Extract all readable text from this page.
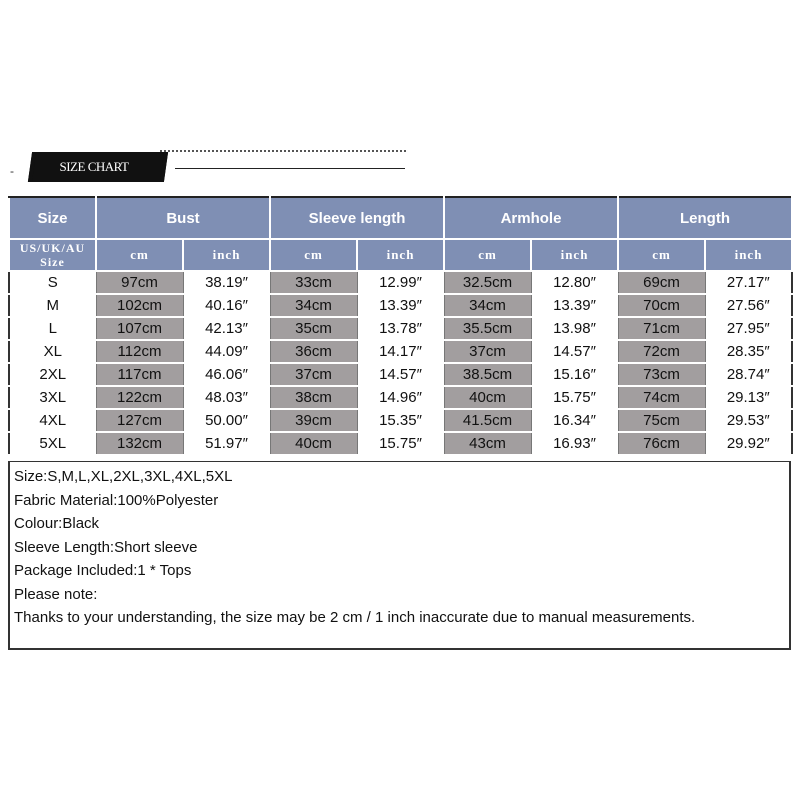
-	SIZE CHART
Size	Bust		Sleeve length		Armhole		Length	
US/UK/AU Size	cm	inch	cm	inch	cm	inch	cm	inch
S	97cm	38.19″	33cm	12.99″	32.5cm	12.80″	69cm	27.17″
M	102cm	40.16″	34cm	13.39″	34cm	13.39″	70cm	27.56″
L	107cm	42.13″	35cm	13.78″	35.5cm	13.98″	71cm	27.95″
XL	112cm	44.09″	36cm	14.17″	37cm	14.57″	72cm	28.35″
2XL	117cm	46.06″	37cm	14.57″	38.5cm	15.16″	73cm	28.74″
3XL	122cm	48.03″	38cm	14.96″	40cm	15.75″	74cm	29.13″
4XL	127cm	50.00″	39cm	15.35″	41.5cm	16.34″	75cm	29.53″
5XL	132cm	51.97″	40cm	15.75″	43cm	16.93″	76cm	29.92″
Size:S,M,L,XL,2XL,3XL,4XL,5XL
Fabric Material:100%Polyester
Colour:Black
Sleeve Length:Short sleeve
Package Included:1 * Tops
Please note:
Thanks to your understanding, the size may be 2 cm / 1 inch inaccurate due to manual measurements.
